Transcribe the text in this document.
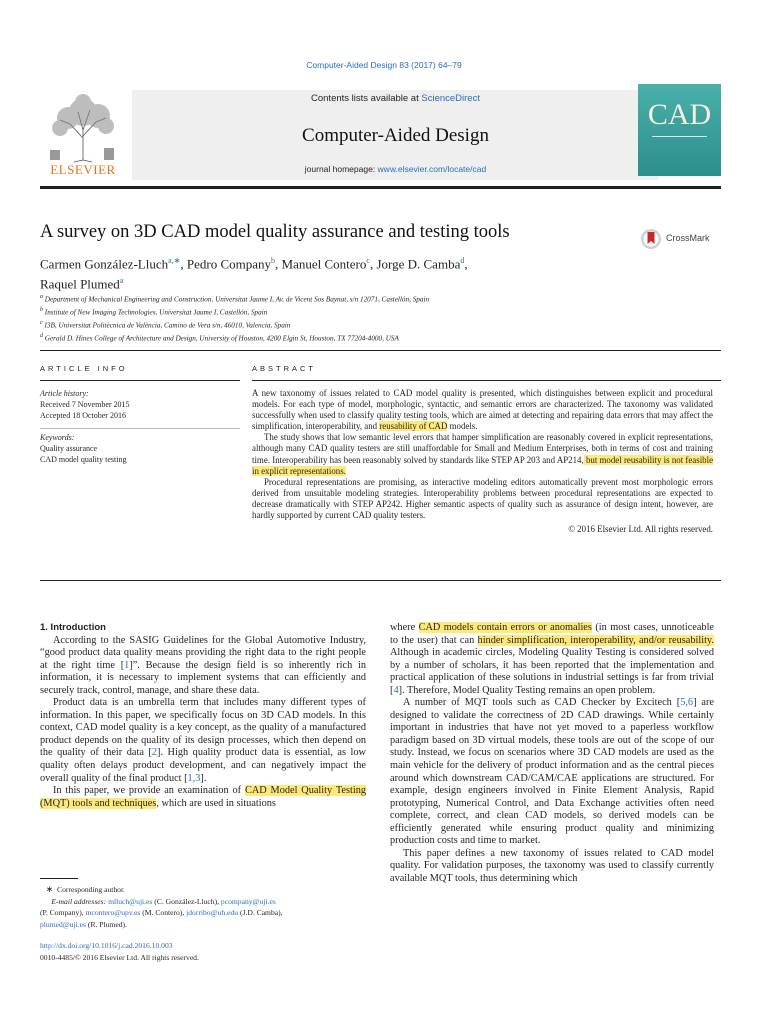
Computer-Aided Design 83 (2017) 64–79
ELSEVIER
Contents lists available at ScienceDirect
Computer-Aided Design
journal homepage: www.elsevier.com/locate/cad
CAD
A survey on 3D CAD model quality assurance and testing tools	CrossMark
Carmen González-Lluch$^{a,∗}$, Pedro Company$^b$, Manuel Contero$^c$, Jorge D. Camba$^d$,
Raquel Plumed$^a$
$^a$ Department of Mechanical Engineering and Construction, Universitat Jaume I, Av. de Vicent Sos Baynat, s/n 12071, Castellón, Spain
$^b$ Institute of New Imaging Technologies, Universitat Jaume I, Castellón, Spain
$^c$ I3B, Universitat Politècnica de València, Camino de Vera s/n, 46010, Valencia, Spain
$^d$ Gerald D. Hines College of Architecture and Design, University of Houston, 4200 Elgin St, Houston, TX 77204-4000, USA
ARTICLE INFO
Article history:
Received 7 November 2015
Accepted 18 October 2016
Keywords:
Quality assurance
CAD model quality testing
ABSTRACT

A new taxonomy of issues related to CAD model quality is presented, which distinguishes between explicit and procedural models. For each type of model, morphologic, syntactic, and semantic errors are characterized. The taxonomy was validated successfully when used to classify quality testing tools, which are aimed at detecting and repairing data errors that may affect the simplification, interoperability, and reusability of CAD models.

The study shows that low semantic level errors that hamper simplification are reasonably covered in explicit representations, although many CAD quality testers are still unaffordable for Small and Medium Enterprises, both in terms of cost and training time. Interoperability has been reasonably solved by standards like STEP AP 203 and AP214, but model reusability is not feasible in explicit representations.

Procedural representations are promising, as interactive modeling editors automatically prevent most morphologic errors derived from unsuitable modeling strategies. Interoperability problems between procedural representations are expected to decrease dramatically with STEP AP242. Higher semantic aspects of quality such as assurance of design intent, however, are hardly supported by current CAD quality testers.

© 2016 Elsevier Ltd. All rights reserved.

1. Introduction

According to the SASIG Guidelines for the Global Automotive Industry, “good product data quality means providing the right data to the right people at the right time [1]”. Because the design field is so inherently rich in information, it is necessary to implement systems that can efficiently and securely track, control, manage, and share these data.

Product data is an umbrella term that includes many different types of information. In this paper, we specifically focus on 3D CAD models. In this context, CAD model quality is a key concept, as the quality of a manufactured product depends on the quality of its design processes, which then depend on the quality of their data [2]. High quality product data is essential, as low quality often delays product development, and can negatively impact the overall quality of the final product [1,3].

In this paper, we provide an examination of CAD Model Quality Testing (MQT) tools and techniques, which are used in situations

∗ Corresponding author.
E-mail addresses: mlluch@uji.es (C. González-Lluch), pcompany@uji.es
(P. Company), mcontero@upv.es (M. Contero), jdorribo@uh.edu (J.D. Camba),
plumed@uji.es (R. Plumed).
http://dx.doi.org/10.1016/j.cad.2016.10.003
0010-4485/© 2016 Elsevier Ltd. All rights reserved.

where CAD models contain errors or anomalies (in most cases, unnoticeable to the user) that can hinder simplification, interoperability, and/or reusability. Although in academic circles, Modeling Quality Testing is considered solved by a number of scholars, it has been reported that the implementation and practical application of these solutions in industrial settings is far from trivial [4]. Therefore, Model Quality Testing remains an open problem.

A number of MQT tools such as CAD Checker by Excitech [5,6] are designed to validate the correctness of 2D CAD drawings. While certainly important in industries that have not yet moved to a paperless workflow paradigm based on 3D virtual models, these tools are out of the scope of our study. Instead, we focus on scenarios where 3D CAD models are used as the main vehicle for the delivery of product information and as the central pieces around which downstream CAD/CAM/CAE applications are structured. For example, design engineers involved in Finite Element Analysis, Rapid prototyping, Numerical Control, and Data Exchange activities often need complete, correct, and clean CAD models, so derived models can be efficiently generated while ensuring product quality and minimizing production costs and time to market.

This paper defines a new taxonomy of issues related to CAD model quality. For validation purposes, the taxonomy was used to classify currently available MQT tools, thus determining which
